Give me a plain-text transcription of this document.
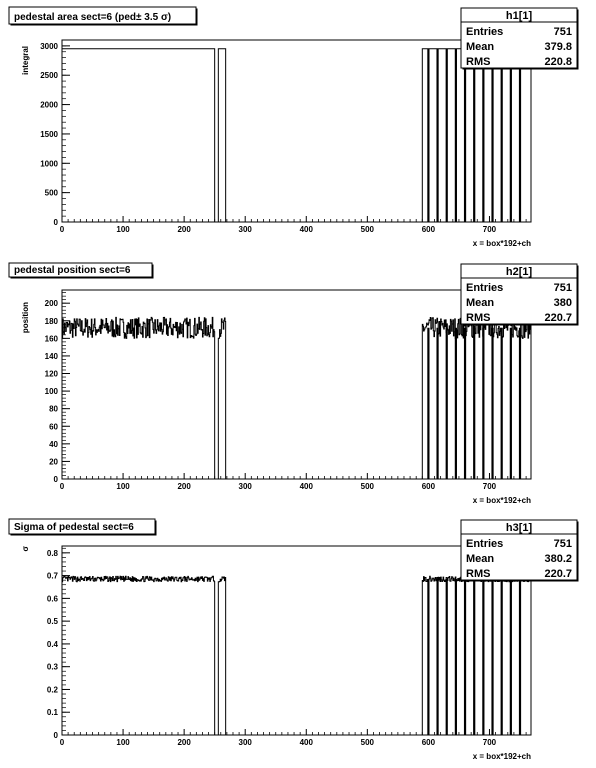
0	100	200	300	400	500	600	700
0
500
1000
1500
2000
2500
3000
x = box*192+ch
integral
pedestal area sect=6 (ped± 3.5 σ)	h1[1]
Entries	751
Mean	379.8
RMS	220.8
0	100	200	300	400	500	600	700
0
20
40
60
80
100
120
140
160
180
200
x = box*192+ch
position
pedestal position sect=6	h2[1]
Entries	751
Mean	380
RMS	220.7
0	100	200	300	400	500	600	700
0
0.1
0.2
0.3
0.4
0.5
0.6
0.7
0.8
x = box*192+ch
σ
Sigma of pedestal sect=6	h3[1]
Entries	751
Mean	380.2
RMS	220.7
